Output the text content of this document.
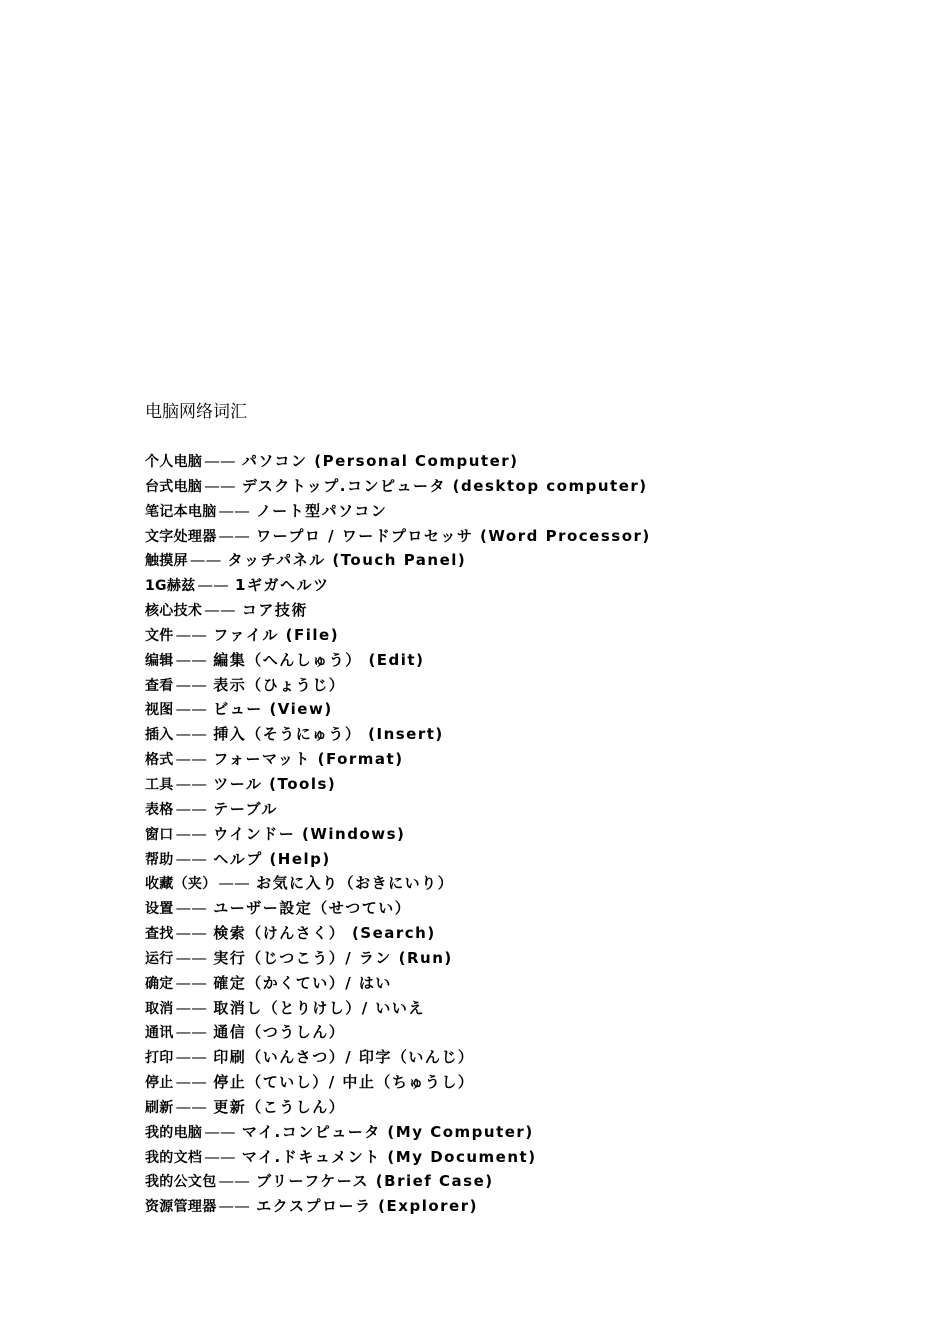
电脑网络词汇
个人电脑 —— パソコン (Personal Computer)
台式电脑 —— デスクトップ.コンピュータ (desktop computer)
笔记本电脑 —— ノート型パソコン
文字处理器 —— ワープロ / ワードプロセッサ (Word Processor)
触摸屏 —— タッチパネル (Touch Panel)
1G赫兹 —— 1ギガヘルツ
核心技术 —— コア技術
文件 —— ファイル (File)
编辑 —— 編集（へんしゅう） (Edit)
查看 —— 表示（ひょうじ）
视图 —— ビュー (View)
插入 —— 挿入（そうにゅう） (Insert)
格式 —— フォーマット (Format)
工具 —— ツール (Tools)
表格 —— テーブル
窗口 —— ウインドー (Windows)
帮助 —— ヘルプ (Help)
收藏（夹） —— お気に入り（おきにいり）
设置 —— ユーザー設定（せつてい）
查找 —— 検索（けんさく） (Search)
运行 —— 実行（じつこう）/ ラン (Run)
确定 —— 確定（かくてい）/ はい
取消 —— 取消し（とりけし）/ いいえ
通讯 —— 通信（つうしん）
打印 —— 印刷（いんさつ）/ 印字（いんじ）
停止 —— 停止（ていし）/ 中止（ちゅうし）
刷新 —— 更新（こうしん）
我的电脑 —— マイ.コンピュータ (My Computer)
我的文档 —— マイ.ドキュメント (My Document)
我的公文包 —— ブリーフケース (Brief Case)
资源管理器 —— エクスプローラ (Explorer)
